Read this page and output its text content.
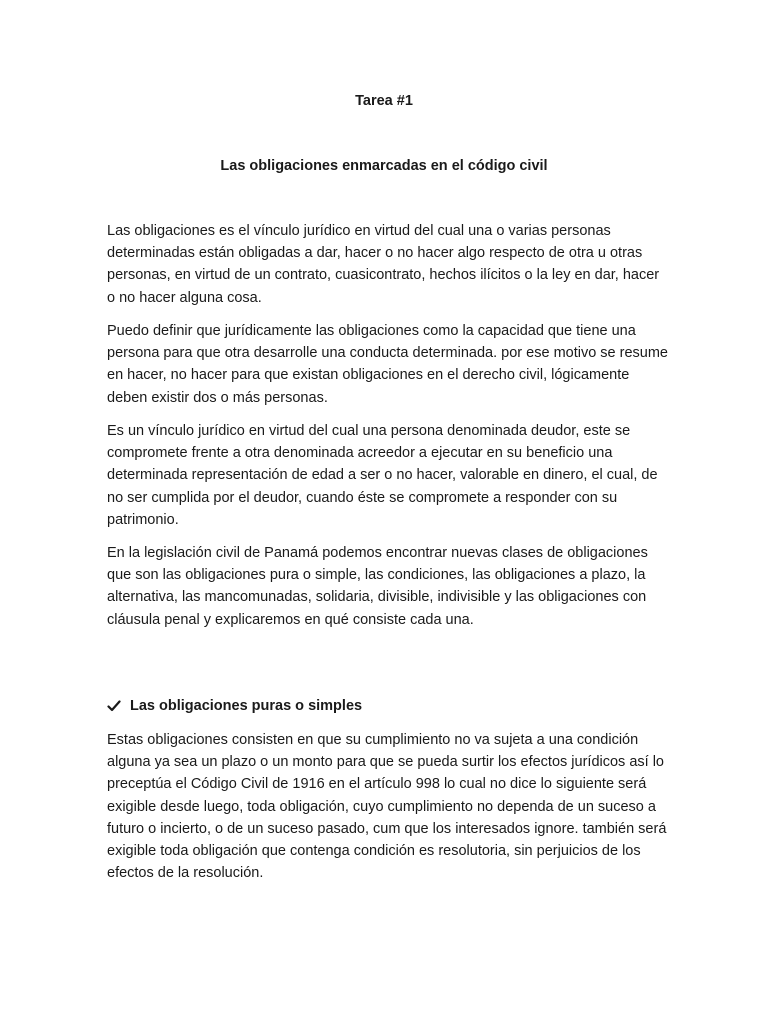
Tarea #1
Las obligaciones enmarcadas en el código civil

Las obligaciones es el vínculo jurídico en virtud del cual una o varias personas determinadas están obligadas a dar, hacer o no hacer algo respecto de otra u otras personas, en virtud de un contrato, cuasicontrato, hechos ilícitos o la ley en dar, hacer o no hacer alguna cosa.

Puedo definir que jurídicamente las obligaciones como la capacidad que tiene una persona para que otra desarrolle una conducta determinada. por ese motivo se resume en hacer, no hacer para que existan obligaciones en el derecho civil, lógicamente deben existir dos o más personas.

Es un vínculo jurídico en virtud del cual una persona denominada deudor, este se compromete frente a otra denominada acreedor a ejecutar en su beneficio una determinada representación de edad a ser o no hacer, valorable en dinero, el cual, de no ser cumplida por el deudor, cuando éste se compromete a responder con su patrimonio.

En la legislación civil de Panamá podemos encontrar nuevas clases de obligaciones que son las obligaciones pura o simple, las condiciones, las obligaciones a plazo, la alternativa, las mancomunadas, solidaria, divisible, indivisible y las obligaciones con cláusula penal y explicaremos en qué consiste cada una.

Las obligaciones puras o simples

Estas obligaciones consisten en que su cumplimiento no va sujeta a una condición alguna ya sea un plazo o un monto para que se pueda surtir los efectos jurídicos así lo preceptúa el Código Civil de 1916 en el artículo 998 lo cual no dice lo siguiente será exigible desde luego, toda obligación, cuyo cumplimiento no dependa de un suceso a futuro o incierto, o de un suceso pasado, cum que los interesados ignore. también será exigible toda obligación que contenga condición es resolutoria, sin perjuicios de los efectos de la resolución.
